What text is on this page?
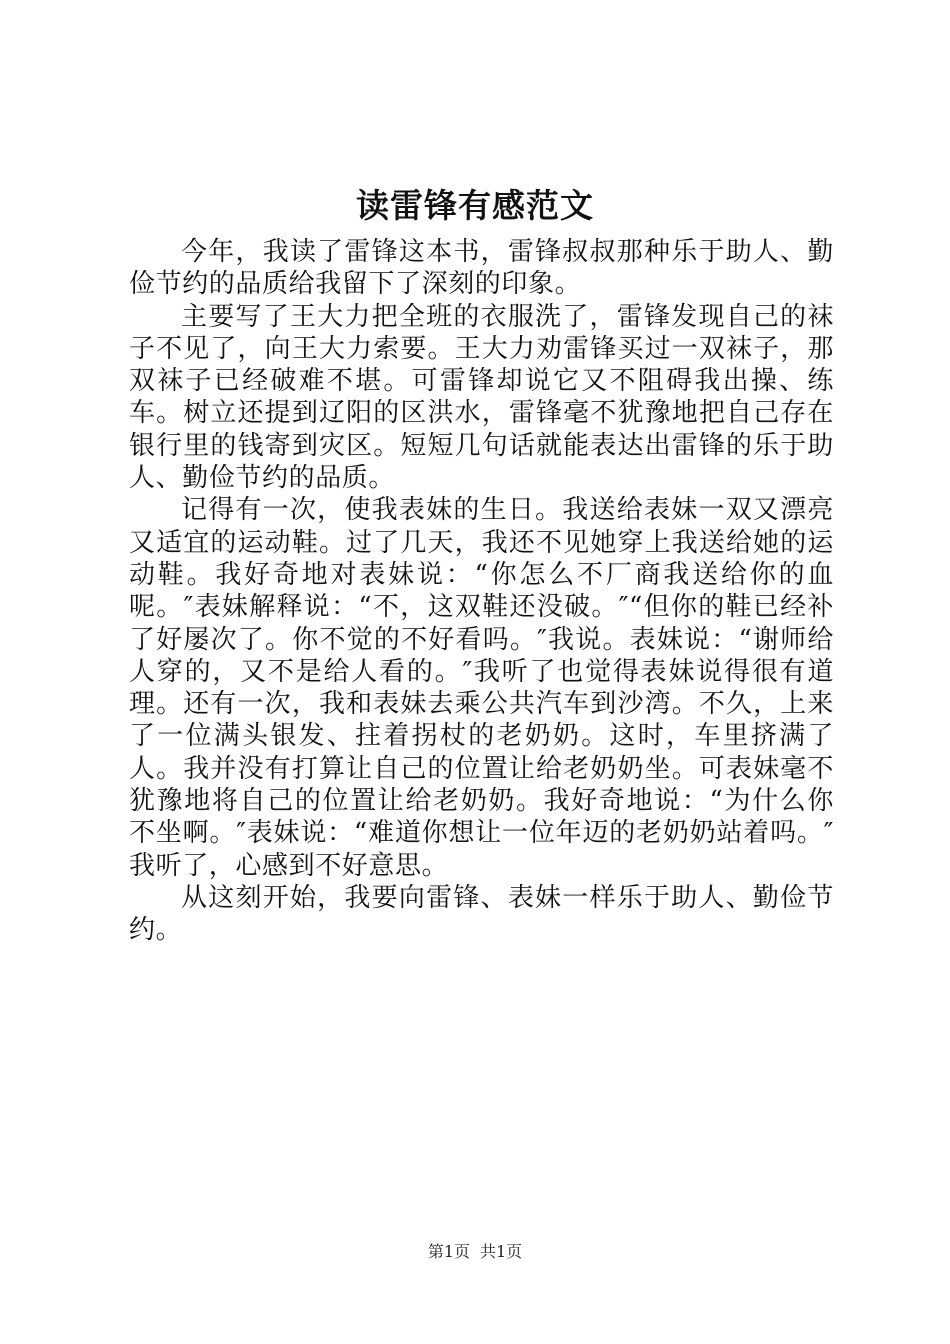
读雷锋有感范文

今年，我读了雷锋这本书，雷锋叔叔那种乐于助人、勤俭节约的品质给我留下了深刻的印象。

主要写了王大力把全班的衣服洗了，雷锋发现自己的袜子不见了，向王大力索要。王大力劝雷锋买过一双袜子，那双袜子已经破难不堪。可雷锋却说它又不阻碍我出操、练车。树立还提到辽阳的区洪水，雷锋毫不犹豫地把自己存在银行里的钱寄到灾区。短短几句话就能表达出雷锋的乐于助人、勤俭节约的品质。

记得有一次，使我表妹的生日。我送给表妹一双又漂亮又适宜的运动鞋。过了几天，我还不见她穿上我送给她的运动鞋。我好奇地对表妹说：“你怎么不厂商我送给你的血呢。″表妹解释说：“不，这双鞋还没破。″“但你的鞋已经补了好屡次了。你不觉的不好看吗。″我说。表妹说：“谢师给人穿的，又不是给人看的。″我听了也觉得表妹说得很有道理。还有一次，我和表妹去乘公共汽车到沙湾。不久，上来了一位满头银发、拄着拐杖的老奶奶。这时，车里挤满了人。我并没有打算让自己的位置让给老奶奶坐。可表妹毫不犹豫地将自己的位置让给老奶奶。我好奇地说：“为什么你不坐啊。″表妹说：“难道你想让一位年迈的老奶奶站着吗。″我听了，心感到不好意思。

从这刻开始，我要向雷锋、表妹一样乐于助人、勤俭节约。

第1页 共1页
